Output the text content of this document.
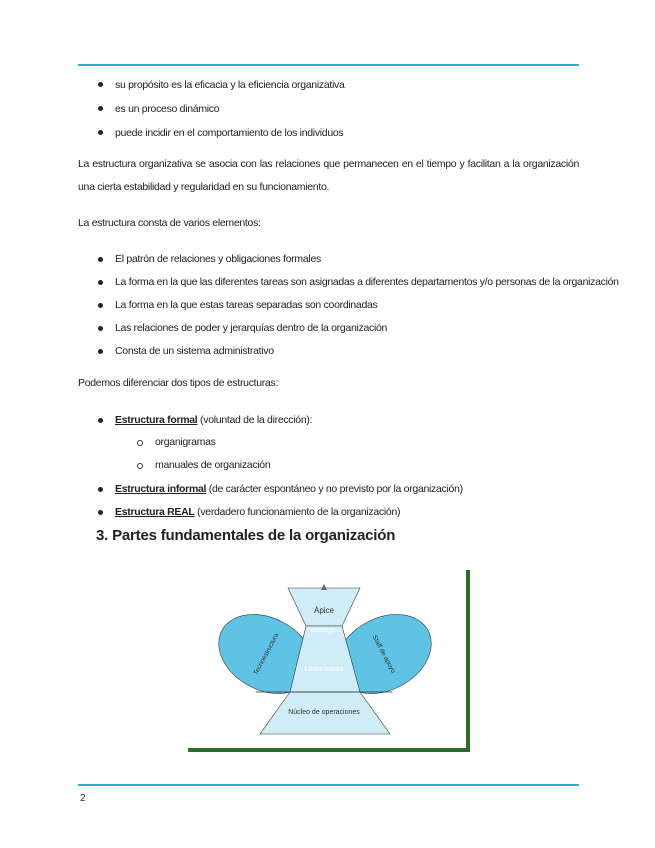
su propósito es la eficacia y la eficiencia organizativa
es un proceso dinámico
puede incidir en el comportamiento de los individuos
La estructura organizativa se asocia con las relaciones que permanecen en el tiempo y facilitan a la organización una cierta estabilidad y regularidad en su funcionamiento.
La estructura consta de varios elementos:
El patrón de relaciones y obligaciones formales
La forma en la que las diferentes tareas son asignadas a diferentes departamentos y/o personas de la organización
La forma en la que estas tareas separadas son coordinadas
Las relaciones de poder y jerarquías dentro de la organización
Consta de un sistema administrativo
Podemos diferenciar dos tipos de estructuras:
Estructura formal (voluntad de la dirección):
organigramas
manuales de organización
Estructura informal (de carácter espontáneo y no previsto por la organización)
Estructura REAL (verdadero funcionamiento de la organización)
3. Partes fundamentales de la organización
Ápice
estratégico
Línea media
Núcleo de operaciones
Tecnoestructura	Staff de apoyo
2
